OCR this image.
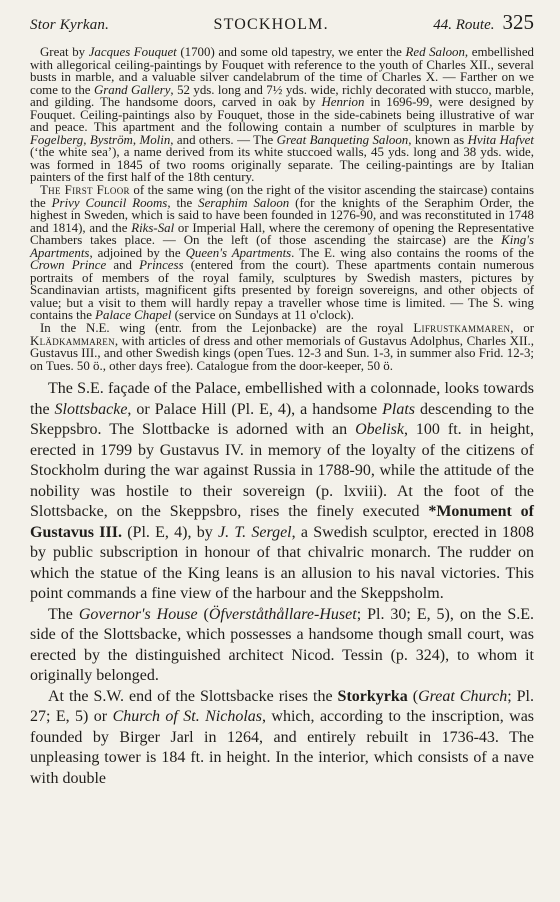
Stor Kyrkan.	STOCKHOLM.	44. Route. 325

Great by Jacques Fouquet (1700) and some old tapestry, we enter the Red Saloon, embellished with allegorical ceiling-paintings by Fouquet with reference to the youth of Charles XII., several busts in marble, and a valuable silver candelabrum of the time of Charles X. — Farther on we come to the Grand Gallery, 52 yds. long and 7½ yds. wide, richly decorated with stucco, marble, and gilding. The handsome doors, carved in oak by Henrion in 1696-99, were designed by Fouquet. Ceiling-paintings also by Fouquet, those in the side-cabinets being illustrative of war and peace. This apartment and the following contain a number of sculptures in marble by Fogelberg, Byström, Molin, and others. — The Great Banqueting Saloon, known as Hvita Hafvet (‘the white sea’), a name derived from its white stuccoed walls, 45 yds. long and 38 yds. wide, was formed in 1845 of two rooms originally separate. The ceiling-paintings are by Italian painters of the first half of the 18th century.

The First Floor of the same wing (on the right of the visitor ascending the staircase) contains the Privy Council Rooms, the Seraphim Saloon (for the knights of the Seraphim Order, the highest in Sweden, which is said to have been founded in 1276-90, and was reconstituted in 1748 and 1814), and the Riks-Sal or Imperial Hall, where the ceremony of opening the Representative Chambers takes place. — On the left (of those ascending the staircase) are the King's Apartments, adjoined by the Queen's Apartments. The E. wing also contains the rooms of the Crown Prince and Princess (entered from the court). These apartments contain numerous portraits of members of the royal family, sculptures by Swedish masters, pictures by Scandinavian artists, magnificent gifts presented by foreign sovereigns, and other objects of value; but a visit to them will hardly repay a traveller whose time is limited. — The S. wing contains the Palace Chapel (service on Sundays at 11 o'clock).

In the N.E. wing (entr. from the Lejonbacke) are the royal Lifrustkammaren, or Klädkammaren, with articles of dress and other memorials of Gustavus Adolphus, Charles XII., Gustavus III., and other Swedish kings (open Tues. 12-3 and Sun. 1-3, in summer also Frid. 12-3; on Tues. 50 ö., other days free). Catalogue from the door-keeper, 50 ö.

The S.E. façade of the Palace, embellished with a colonnade, looks towards the Slottsbacke, or Palace Hill (Pl. E, 4), a handsome Plats descending to the Skeppsbro. The Slottbacke is adorned with an Obelisk, 100 ft. in height, erected in 1799 by Gustavus IV. in memory of the loyalty of the citizens of Stockholm during the war against Russia in 1788-90, while the attitude of the nobility was hostile to their sovereign (p. lxviii). At the foot of the Slottsbacke, on the Skeppsbro, rises the finely executed *Monument of Gustavus III. (Pl. E, 4), by J. T. Sergel, a Swedish sculptor, erected in 1808 by public subscription in honour of that chivalric monarch. The rudder on which the statue of the King leans is an allusion to his naval victories. This point commands a fine view of the harbour and the Skeppsholm.

The Governor's House (Öfverståthållare-Huset; Pl. 30; E, 5), on the S.E. side of the Slottsbacke, which possesses a handsome though small court, was erected by the distinguished architect Nicod. Tessin (p. 324), to whom it originally belonged.

At the S.W. end of the Slottsbacke rises the Storkyrka (Great Church; Pl. 27; E, 5) or Church of St. Nicholas, which, according to the inscription, was founded by Birger Jarl in 1264, and entirely rebuilt in 1736-43. The unpleasing tower is 184 ft. in height. In the interior, which consists of a nave with double
